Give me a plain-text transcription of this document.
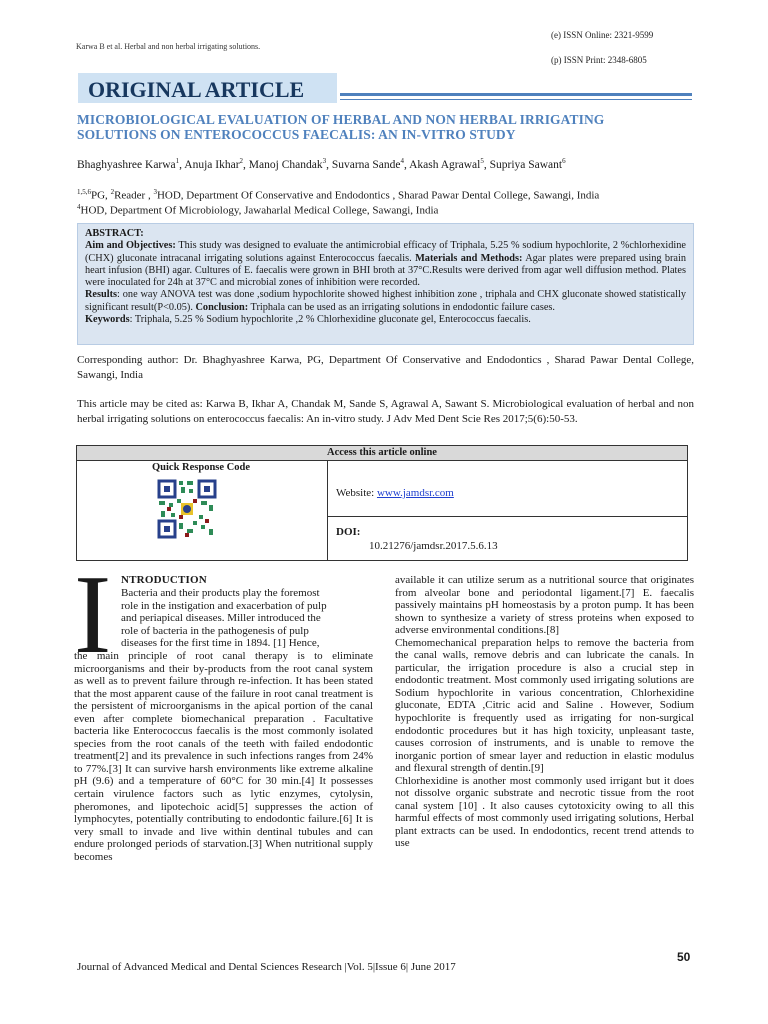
Karwa B et al. Herbal and non herbal irrigating solutions.
(e) ISSN Online: 2321-9599
(p) ISSN Print: 2348-6805
ORIGINAL ARTICLE
MICROBIOLOGICAL EVALUATION OF HERBAL AND NON HERBAL IRRIGATING
SOLUTIONS ON ENTEROCOCCUS FAECALIS: AN IN-VITRO STUDY
Bhaghyashree Karwa$^1$, Anuja Ikhar$^2$, Manoj Chandak$^3$, Suvarna Sande$^4$, Akash Agrawal$^5$, Supriya Sawant$^6$
$^{1,5,6}$PG, $^2$Reader , $^3$HOD, Department Of Conservative and Endodontics , Sharad Pawar Dental College, Sawangi, India
$^4$HOD, Department Of Microbiology, Jawaharlal Medical College, Sawangi, India
ABSTRACT:
Aim and Objectives: This study was designed to evaluate the antimicrobial efficacy of Triphala, 5.25 % sodium hypochlorite, 2 %chlorhexidine (CHX) gluconate intracanal irrigating solutions against Enterococcus faecalis. Materials and Methods: Agar plates were prepared using brain heart infusion (BHI) agar. Cultures of E. faecalis were grown in BHI broth at 37°C.Results were derived from agar well diffusion method. Plates were inoculated for 24h at 37°C and microbial zones of inhibition were recorded.
Results: one way ANOVA test was done ,sodium hypochlorite showed highest inhibition zone , triphala and CHX gluconate showed statistically significant result(P<0.05). Conclusion: Triphala can be used as an irrigating solutions in endodontic failure cases.
Keywords: Triphala, 5.25 % Sodium hypochlorite ,2 % Chlorhexidine gluconate gel, Enterococcus faecalis.
Corresponding author: Dr. Bhaghyashree Karwa, PG, Department Of Conservative and Endodontics , Sharad Pawar Dental College, Sawangi, India
This article may be cited as: Karwa B, Ikhar A, Chandak M, Sande S, Agrawal A, Sawant S. Microbiological evaluation of herbal and non herbal irrigating solutions on enterococcus faecalis: An in-vitro study. J Adv Med Dent Scie Res 2017;5(6):50-53.
Access this article online
Quick Response Code
Website: www.jamdsr.com
DOI:
10.21276/jamdsr.2017.5.6.13
I NTRODUCTION
Bacteria and their products play the foremost
role in the instigation and exacerbation of pulp
and periapical diseases. Miller introduced the
role of bacteria in the pathogenesis of pulp
diseases for the first time in 1894. [1] Hence,
the main principle of root canal therapy is to eliminate microorganisms and their by-products from the root canal system as well as to prevent failure through re-infection. It has been stated that the most apparent cause of the failure in root canal treatment is the persistent of microorganisms in the apical portion of the canal even after complete biomechanical preparation . Facultative bacteria like Enterococcus faecalis is the most commonly isolated species from the root canals of the teeth with failed endodontic treatment[2] and its prevalence in such infections ranges from 24% to 77%.[3] It can survive harsh environments like extreme alkaline pH (9.6) and a temperature of 60°C for 30 min.[4] It possesses certain virulence factors such as lytic enzymes, cytolysin, pheromones, and lipotechoic acid[5] suppresses the action of lymphocytes, potentially contributing to endodontic failure.[6] It is very small to invade and live within dentinal tubules and can endure prolonged periods of starvation.[3] When nutritional supply becomes
available it can utilize serum as a nutritional source that originates from alveolar bone and periodontal ligament.[7] E. faecalis passively maintains pH homeostasis by a proton pump. It has been shown to synthesize a variety of stress proteins when exposed to adverse environmental conditions.[8]
Chemomechanical preparation helps to remove the bacteria from the canal walls, remove debris and can lubricate the canals. In particular, the irrigation procedure is also a crucial step in endodontic treatment. Most commonly used irrigating solutions are Sodium hypochlorite in various concentration, Chlorhexidine gluconate, EDTA ,Citric acid and Saline . However, Sodium hypochlorite is frequently used as irrigating for non-surgical endodontic procedures but it has high toxicity, unpleasant taste, causes corrosion of instruments, and is unable to remove the inorganic portion of smear layer and reduction in elastic modulus and flexural strength of dentin.[9]
Chlorhexidine is another most commonly used irrigant but it does not dissolve organic substrate and necrotic tissue from the root canal system [10] . It also causes cytotoxicity owing to all this harmful effects of most commonly used irrigating solutions, Herbal plant extracts can be used. In endodontics, recent trend attends to use
50
Journal of Advanced Medical and Dental Sciences Research |Vol. 5|Issue 6| June 2017
